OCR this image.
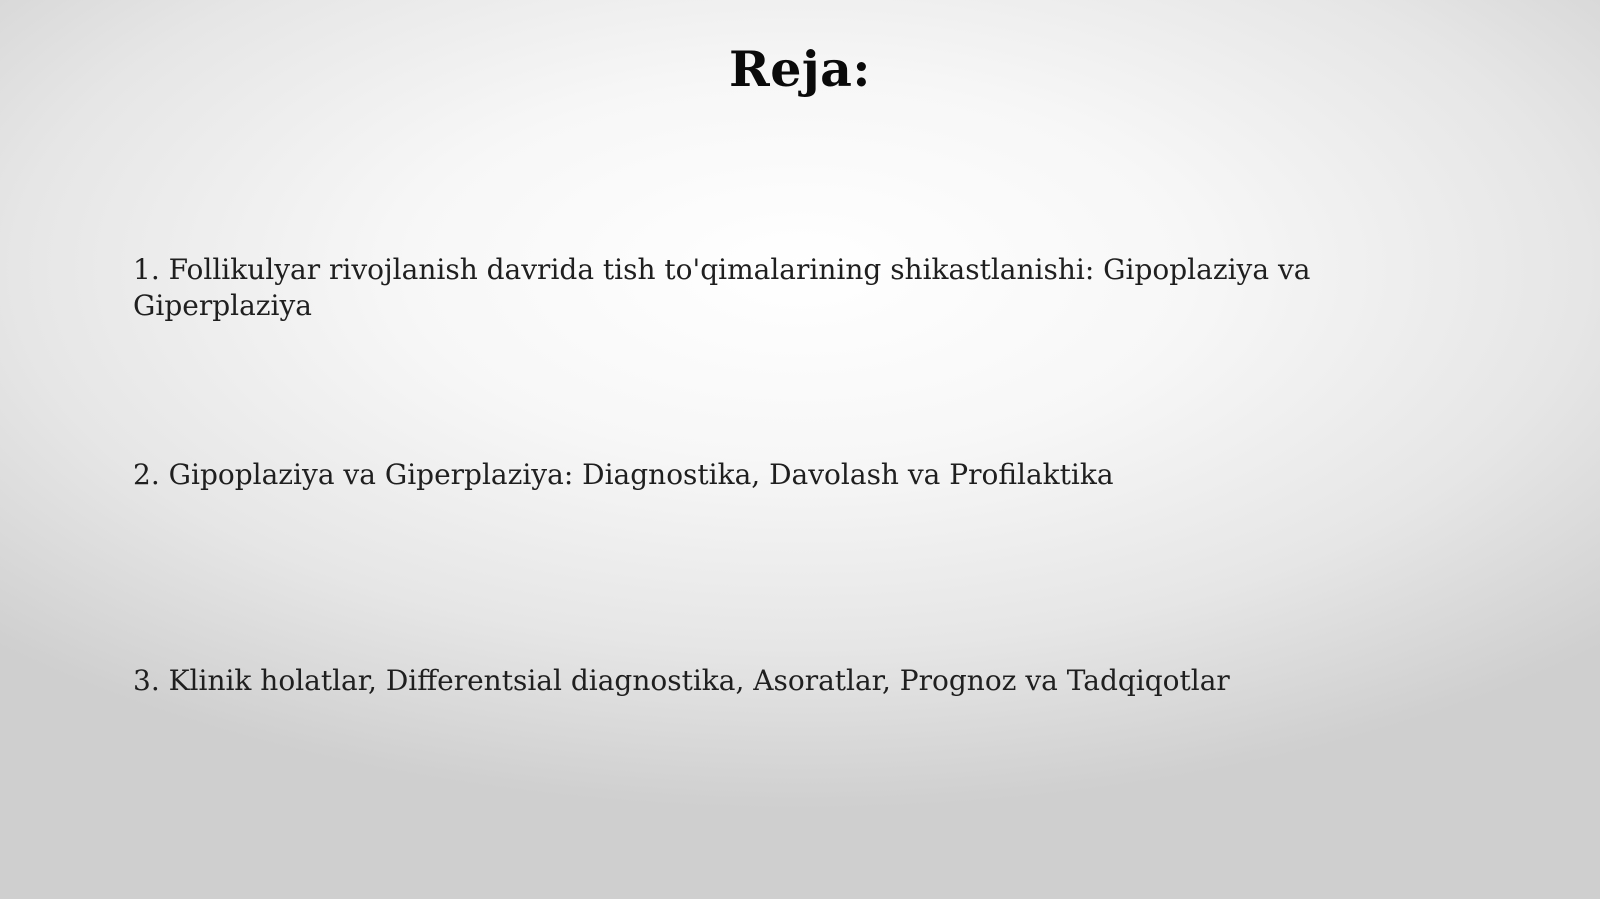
Reja:
1. Follikulyar rivojlanish davrida tish to'qimalarining shikastlanishi: Gipoplaziya va Giperplaziya
2. Gipoplaziya va Giperplaziya: Diagnostika, Davolash va Profilaktika
3. Klinik holatlar, Differentsial diagnostika, Asoratlar, Prognoz va Tadqiqotlar
